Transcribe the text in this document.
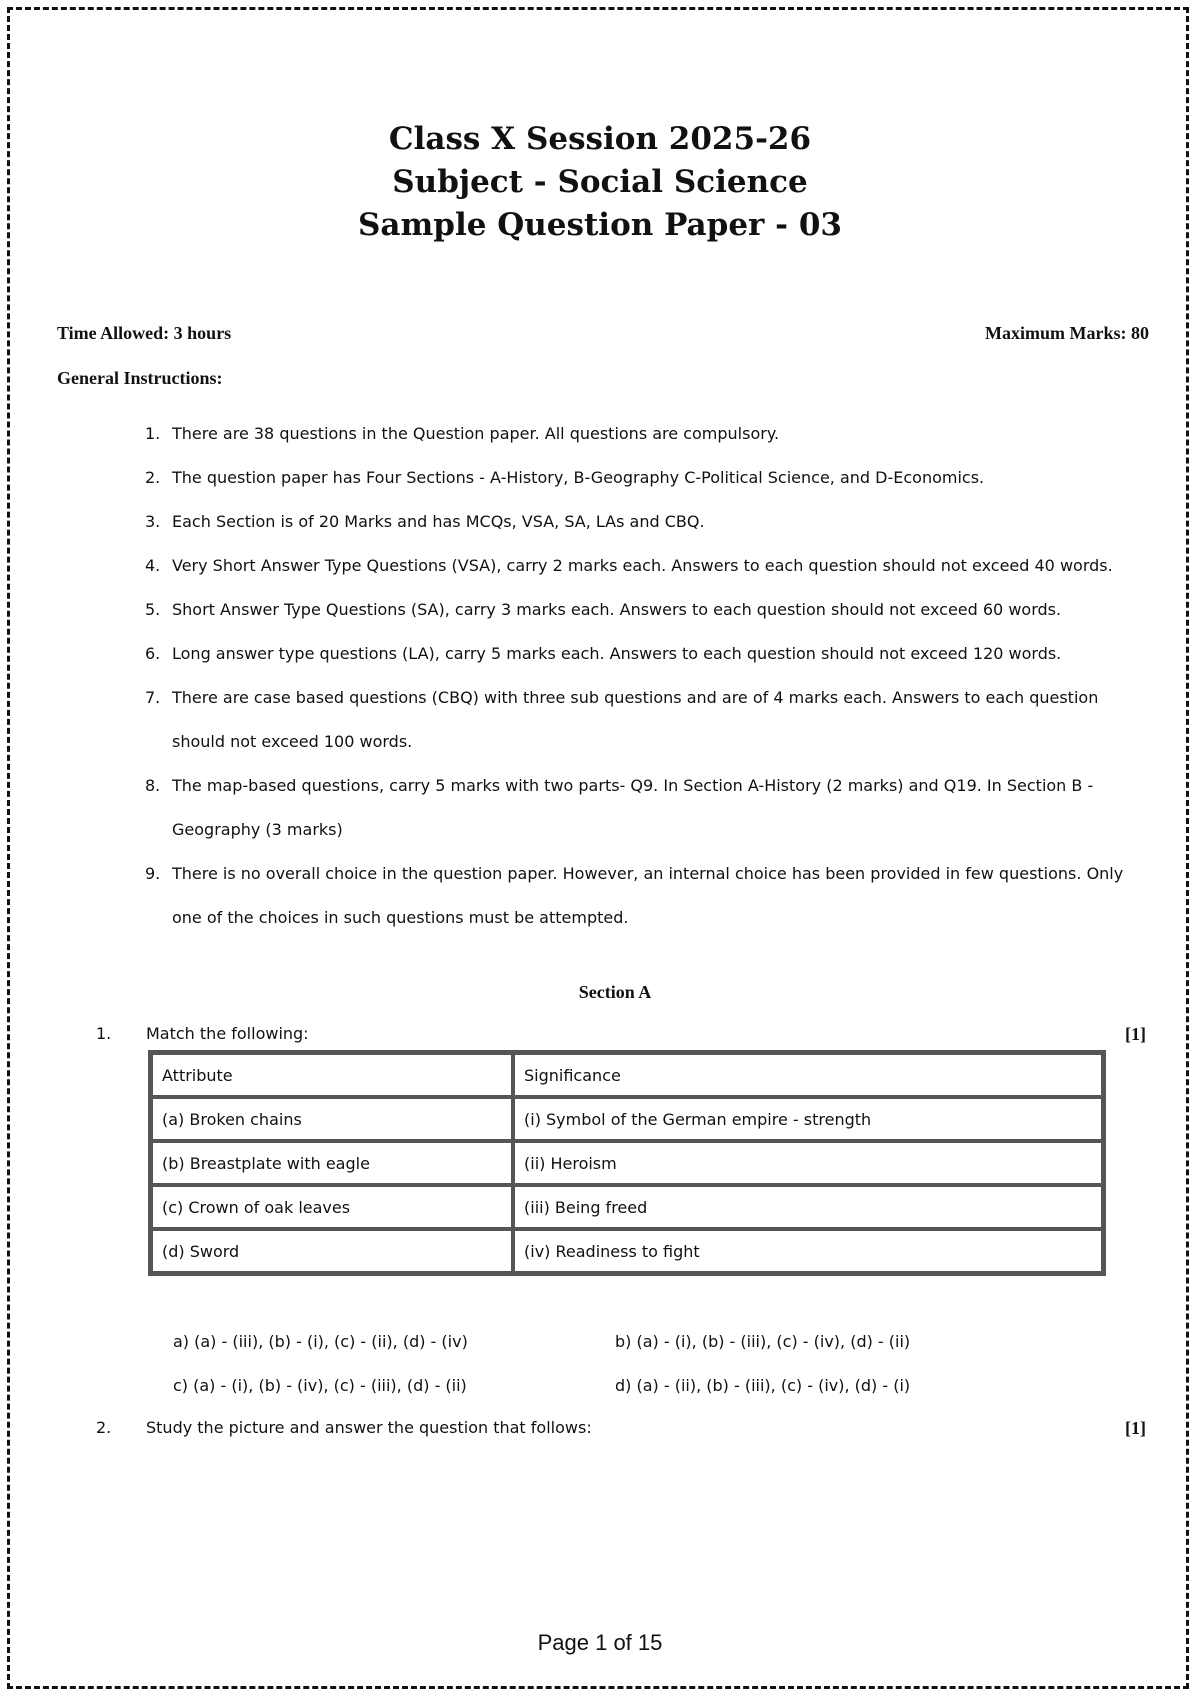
Class X Session 2025-26
Subject - Social Science
Sample Question Paper - 03
Time Allowed: 3 hours	Maximum Marks: 80
General Instructions:
1. There are 38 questions in the Question paper. All questions are compulsory.
2. The question paper has Four Sections - A-History, B-Geography C-Political Science, and D-Economics.
3. Each Section is of 20 Marks and has MCQs, VSA, SA, LAs and CBQ.
4. Very Short Answer Type Questions (VSA), carry 2 marks each. Answers to each question should not exceed 40 words.
5. Short Answer Type Questions (SA), carry 3 marks each. Answers to each question should not exceed 60 words.
6. Long answer type questions (LA), carry 5 marks each. Answers to each question should not exceed 120 words.
7. There are case based questions (CBQ) with three sub questions and are of 4 marks each. Answers to each question should not exceed 100 words.
8. The map-based questions, carry 5 marks with two parts- Q9. In Section A-History (2 marks) and Q19. In Section B -Geography (3 marks)
9. There is no overall choice in the question paper. However, an internal choice has been provided in few questions. Only one of the choices in such questions must be attempted.
Section A
1. Match the following:	[1]
Attribute	Significance
(a) Broken chains	(i) Symbol of the German empire - strength
(b) Breastplate with eagle	(ii) Heroism
(c) Crown of oak leaves	(iii) Being freed
(d) Sword	(iv) Readiness to fight
a) (a) - (iii), (b) - (i), (c) - (ii), (d) - (iv)	b) (a) - (i), (b) - (iii), (c) - (iv), (d) - (ii)
c) (a) - (i), (b) - (iv), (c) - (iii), (d) - (ii)	d) (a) - (ii), (b) - (iii), (c) - (iv), (d) - (i)
2. Study the picture and answer the question that follows:	[1]
Page 1 of 15
